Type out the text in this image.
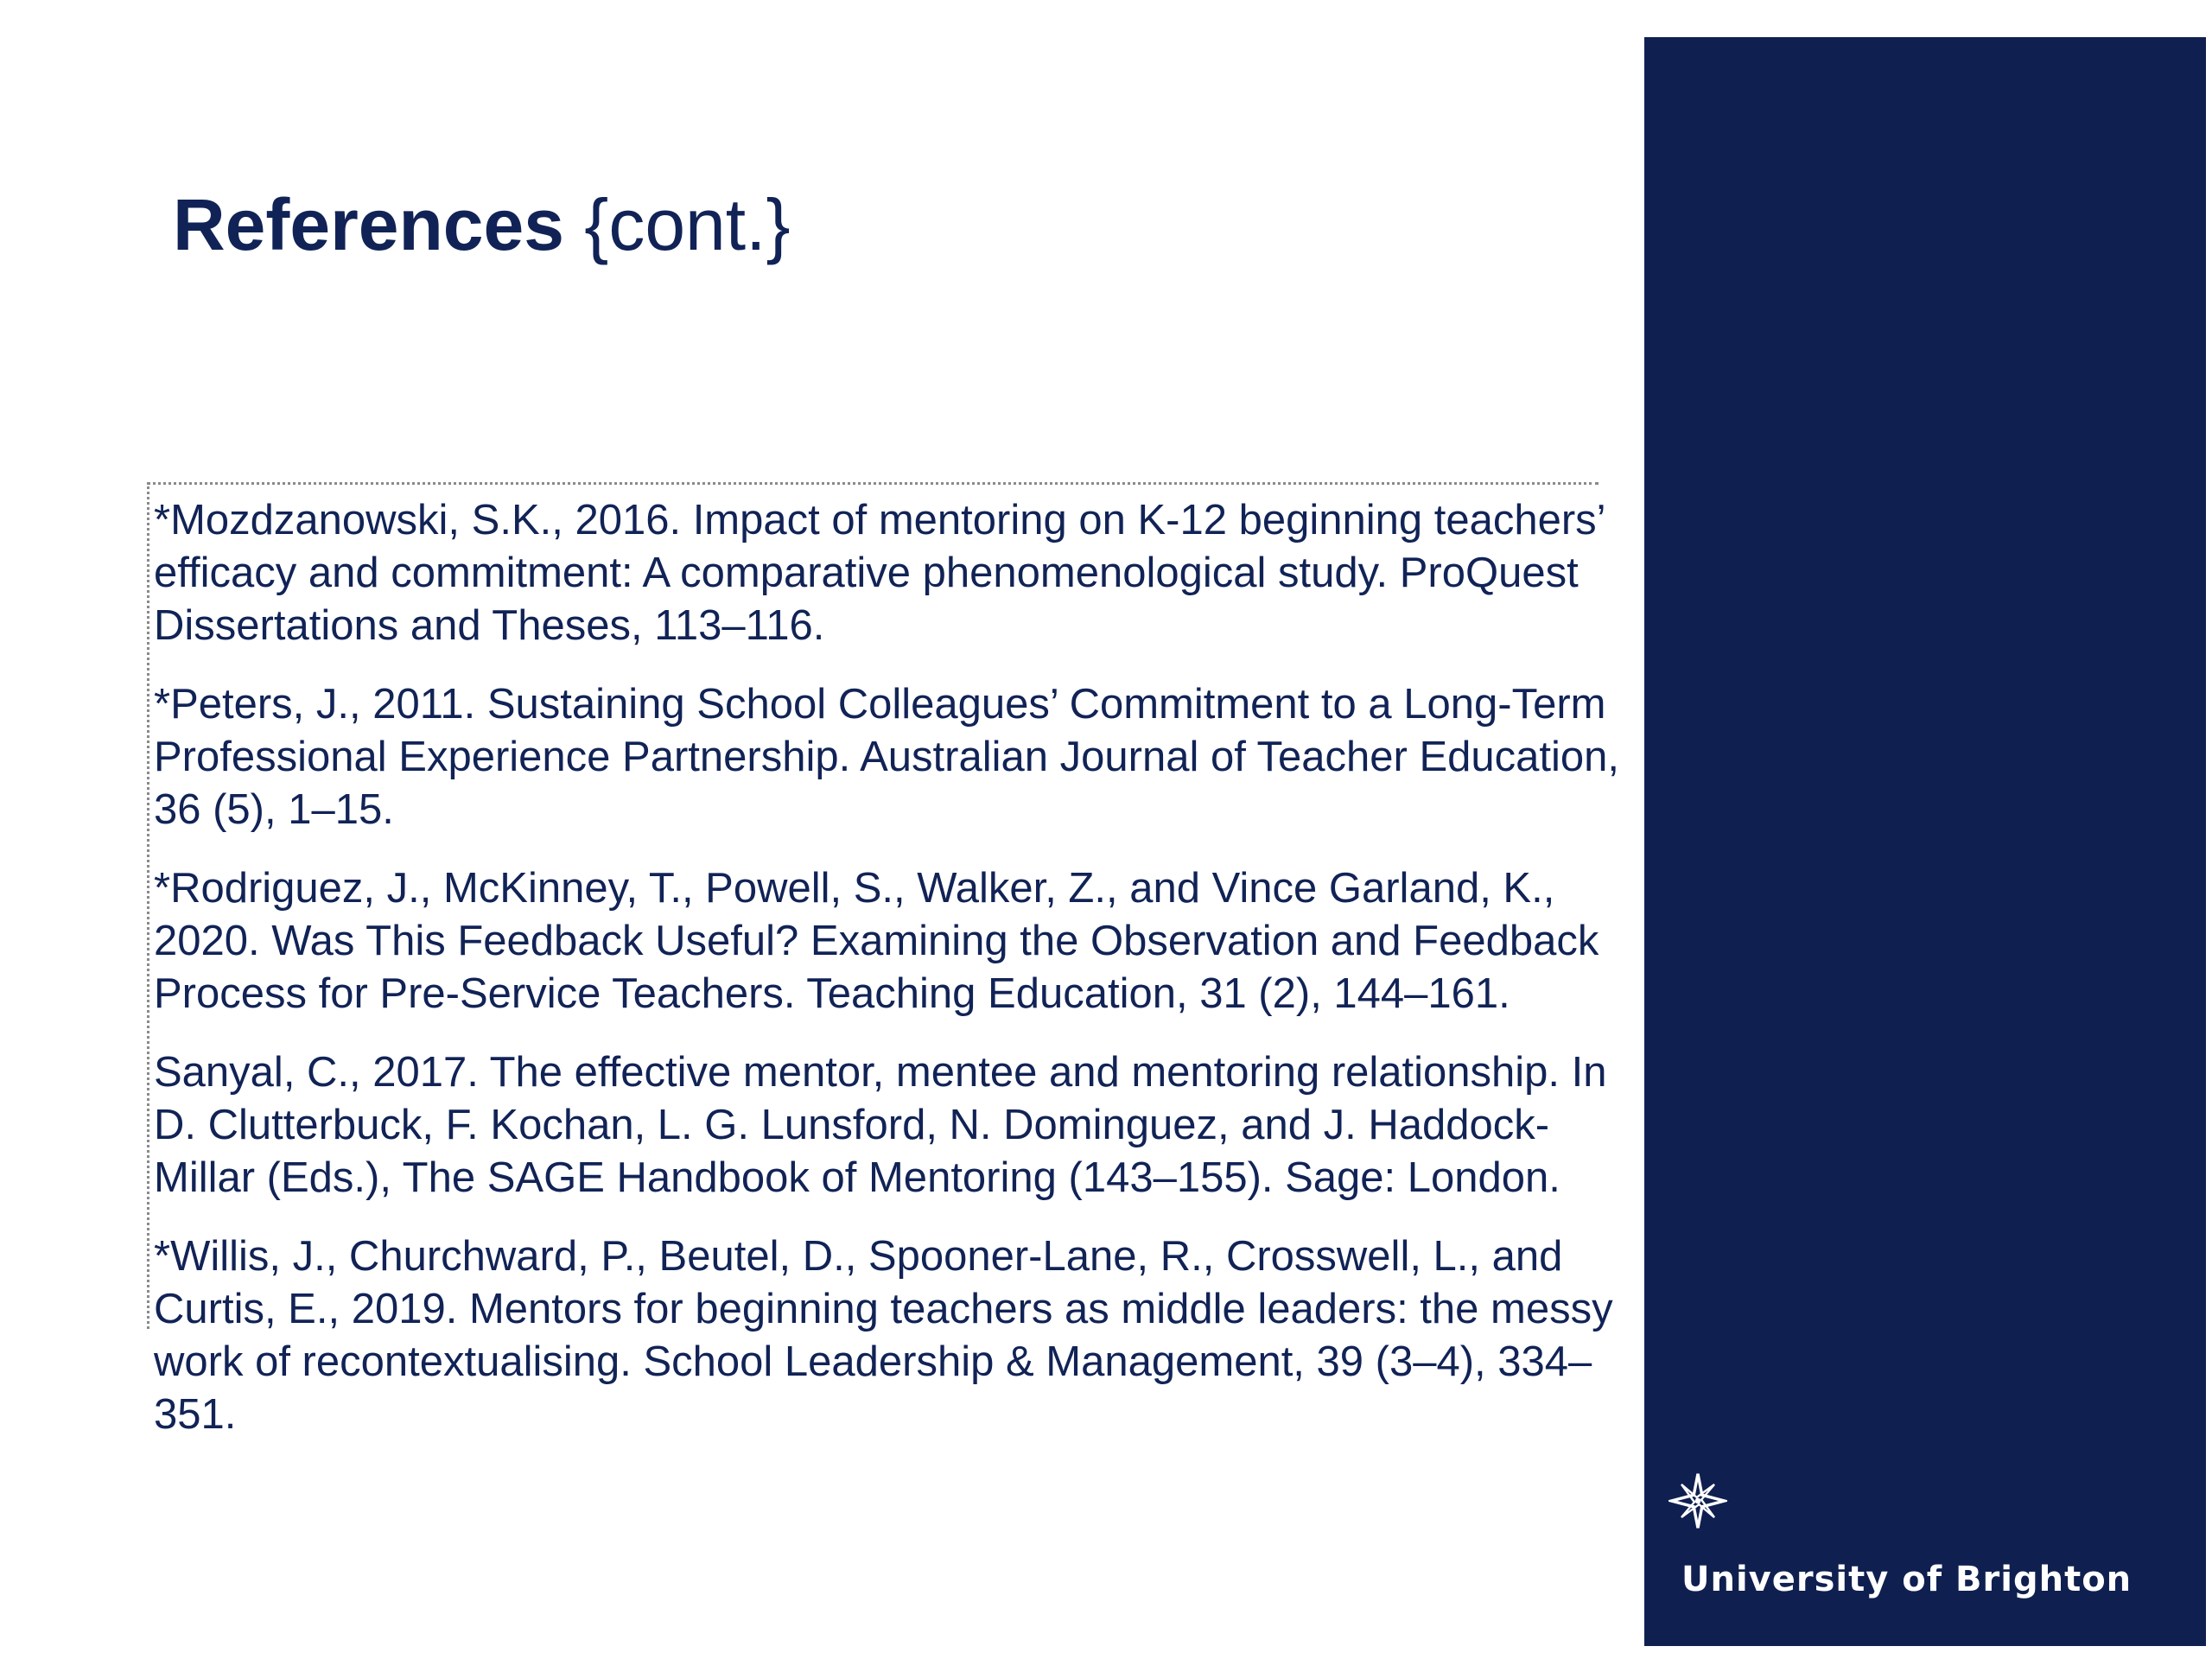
References {cont.}
*Mozdzanowski, S.K., 2016. Impact of mentoring on K-12 beginning teachers’ efficacy and commitment: A comparative phenomenological study. ProQuest Dissertations and Theses, 113–116.
*Peters, J., 2011. Sustaining School Colleagues’ Commitment to a Long-Term Professional Experience Partnership. Australian Journal of Teacher Education, 36 (5), 1–15.
*Rodriguez, J., McKinney, T., Powell, S., Walker, Z., and Vince Garland, K., 2020. Was This Feedback Useful? Examining the Observation and Feedback Process for Pre-Service Teachers. Teaching Education, 31 (2), 144–161.
Sanyal, C., 2017. The effective mentor, mentee and mentoring relationship. In D. Clutterbuck, F. Kochan, L. G. Lunsford, N. Dominguez, and J. Haddock-Millar (Eds.), The SAGE Handbook of Mentoring (143–155). Sage: London.
*Willis, J., Churchward, P., Beutel, D., Spooner-Lane, R., Crosswell, L., and Curtis, E., 2019. Mentors for beginning teachers as middle leaders: the messy work of recontextualising. School Leadership & Management, 39 (3–4), 334–351.
University of Brighton
